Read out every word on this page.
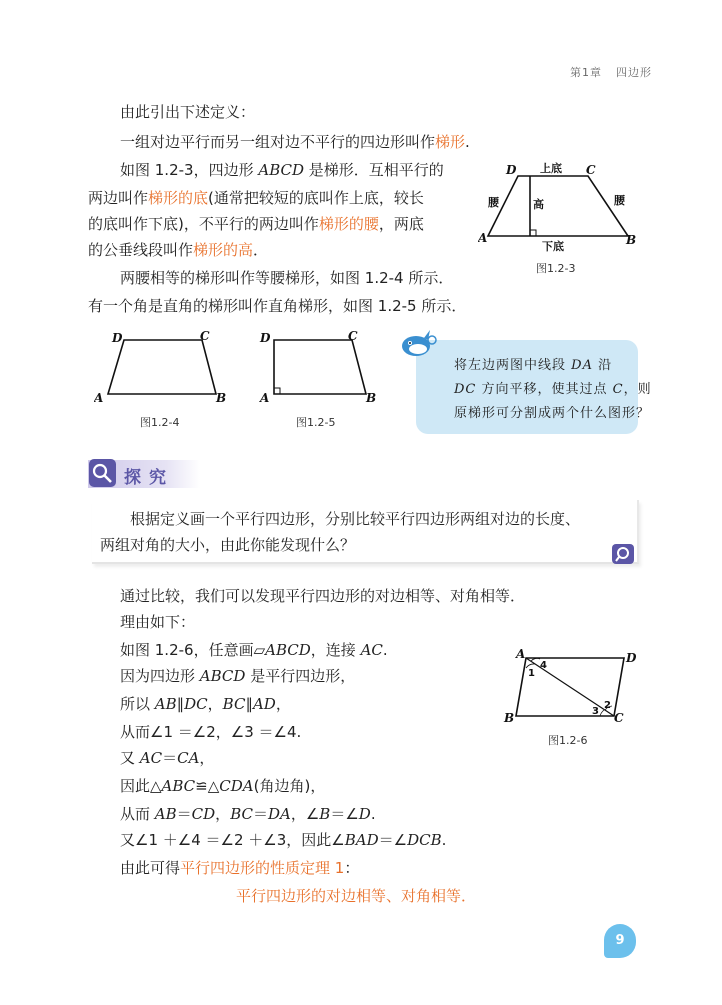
第1章 四边形
由此引出下述定义：
一组对边平行而另一组对边不平行的四边形叫作梯形.
如图 1.2-3，四边形 ABCD 是梯形．互相平行的
两边叫作梯形的底(通常把较短的底叫作上底，较长
的底叫作下底)，不平行的两边叫作梯形的腰，两底
的公垂线段叫作梯形的高．
两腰相等的梯形叫作等腰梯形，如图 1.2-4 所示．
有一个角是直角的梯形叫作直角梯形，如图 1.2-5 所示．
D	C
A	B
上底
下底
高
腰	腰
图1.2-3
D	C
A	B
图1.2-4
D	C
A	B
图1.2-5
将左边两图中线段 DA 沿
DC 方向平移，使其过点 C，则
原梯形可分割成两个什么图形？
探究
根据定义画一个平行四边形，分别比较平行四边形两组对边的长度、
两组对角的大小，由此你能发现什么？
通过比较，我们可以发现平行四边形的对边相等、对角相等．
理由如下：
如图 1.2-6，任意画▱ABCD，连接 AC.
因为四边形 ABCD 是平行四边形，
所以 AB∥DC，BC∥AD，
从而∠1 ＝∠2，∠3 ＝∠4.
又 AC＝CA，
因此△ABC≌△CDA(角边角)，
从而 AB＝CD，BC＝DA，∠B＝∠D.
又∠1 ＋∠4 ＝∠2 ＋∠3，因此∠BAD＝∠DCB.
由此可得平行四边形的性质定理 1：
平行四边形的对边相等、对角相等．
A	D
B	C
1
4
2
3
图1.2-6
9
